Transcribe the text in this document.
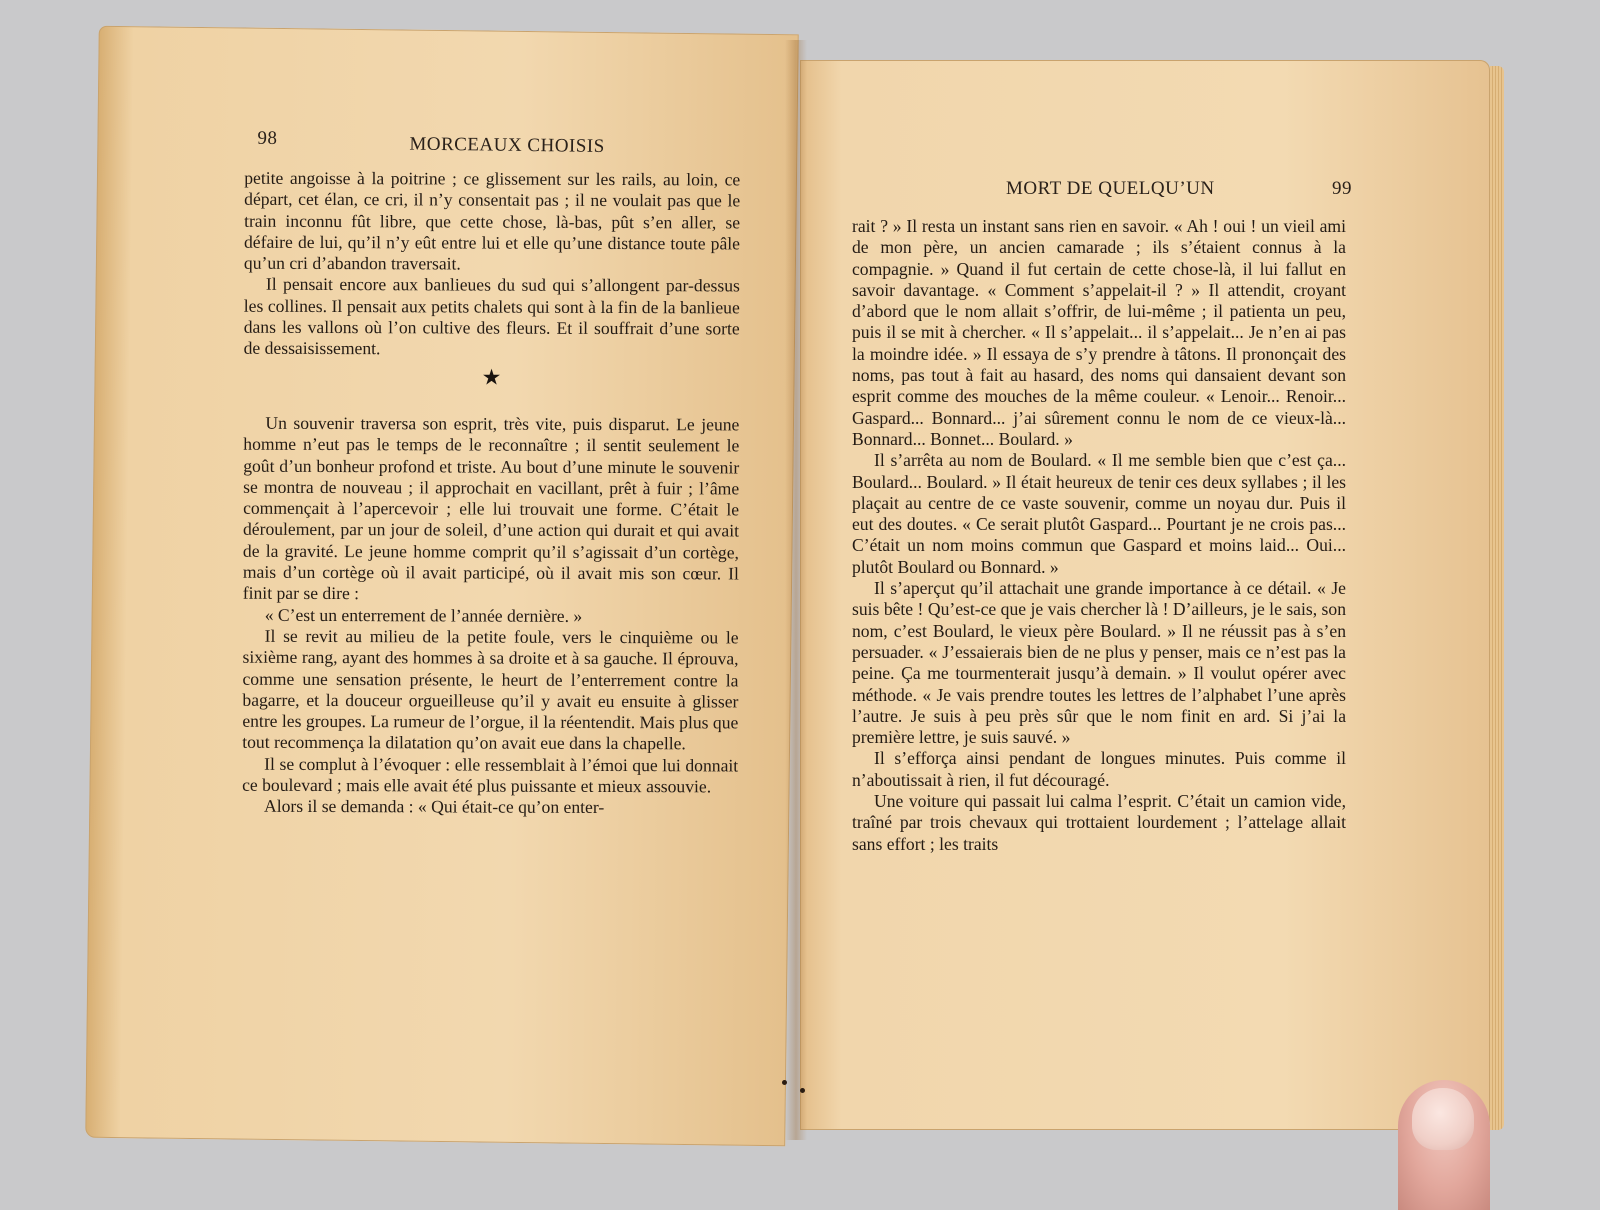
98	MORCEAUX CHOISIS

petite angoisse à la poitrine ; ce glissement sur les rails, au loin, ce départ, cet élan, ce cri, il n’y consentait pas ; il ne voulait pas que le train inconnu fût libre, que cette chose, là-bas, pût s’en aller, se défaire de lui, qu’il n’y eût entre lui et elle qu’une distance toute pâle qu’un cri d’abandon traversait.

Il pensait encore aux banlieues du sud qui s’allongent par-dessus les collines. Il pensait aux petits chalets qui sont à la fin de la banlieue dans les vallons où l’on cultive des fleurs. Et il souffrait d’une sorte de dessaisissement.

★

Un souvenir traversa son esprit, très vite, puis disparut. Le jeune homme n’eut pas le temps de le reconnaître ; il sentit seulement le goût d’un bonheur profond et triste. Au bout d’une minute le souvenir se montra de nouveau ; il approchait en vacillant, prêt à fuir ; l’âme commençait à l’apercevoir ; elle lui trouvait une forme. C’était le déroulement, par un jour de soleil, d’une action qui durait et qui avait de la gravité. Le jeune homme comprit qu’il s’agissait d’un cortège, mais d’un cortège où il avait participé, où il avait mis son cœur. Il finit par se dire :

« C’est un enterrement de l’année dernière. »

Il se revit au milieu de la petite foule, vers le cinquième ou le sixième rang, ayant des hommes à sa droite et à sa gauche. Il éprouva, comme une sensation présente, le heurt de l’enterrement contre la bagarre, et la douceur orgueilleuse qu’il y avait eu ensuite à glisser entre les groupes. La rumeur de l’orgue, il la réentendit. Mais plus que tout recommença la dilatation qu’on avait eue dans la chapelle.

Il se complut à l’évoquer : elle ressemblait à l’émoi que lui donnait ce boulevard ; mais elle avait été plus puissante et mieux assouvie.

Alors il se demanda : « Qui était-ce qu’on enter-

MORT DE QUELQU’UN	99

rait ? » Il resta un instant sans rien en savoir. « Ah ! oui ! un vieil ami de mon père, un ancien camarade ; ils s’étaient connus à la compagnie. » Quand il fut certain de cette chose-là, il lui fallut en savoir davantage. « Comment s’appelait-il ? » Il attendit, croyant d’abord que le nom allait s’offrir, de lui-même ; il patienta un peu, puis il se mit à chercher. « Il s’appelait... il s’appelait... Je n’en ai pas la moindre idée. » Il essaya de s’y prendre à tâtons. Il prononçait des noms, pas tout à fait au hasard, des noms qui dansaient devant son esprit comme des mouches de la même couleur. « Lenoir... Renoir... Gaspard... Bonnard... j’ai sûrement connu le nom de ce vieux-là... Bonnard... Bonnet... Boulard. »

Il s’arrêta au nom de Boulard. « Il me semble bien que c’est ça... Boulard... Boulard. » Il était heureux de tenir ces deux syllabes ; il les plaçait au centre de ce vaste souvenir, comme un noyau dur. Puis il eut des doutes. « Ce serait plutôt Gaspard... Pourtant je ne crois pas... C’était un nom moins commun que Gaspard et moins laid... Oui... plutôt Boulard ou Bonnard. »

Il s’aperçut qu’il attachait une grande importance à ce détail. « Je suis bête ! Qu’est-ce que je vais chercher là ! D’ailleurs, je le sais, son nom, c’est Boulard, le vieux père Boulard. » Il ne réussit pas à s’en persuader. « J’essaierais bien de ne plus y penser, mais ce n’est pas la peine. Ça me tourmenterait jusqu’à demain. » Il voulut opérer avec méthode. « Je vais prendre toutes les lettres de l’alphabet l’une après l’autre. Je suis à peu près sûr que le nom finit en ard. Si j’ai la première lettre, je suis sauvé. »

Il s’efforça ainsi pendant de longues minutes. Puis comme il n’aboutissait à rien, il fut découragé.

Une voiture qui passait lui calma l’esprit. C’était un camion vide, traîné par trois chevaux qui trottaient lourdement ; l’attelage allait sans effort ; les traits
